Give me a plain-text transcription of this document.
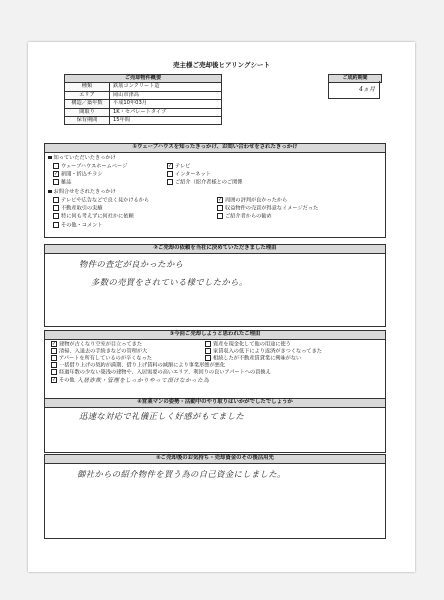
売主様ご売却後ヒアリングシート
ご売却物件概要	
種類	鉄筋コンクリート造
エリア	岡山市津高
構造／築年数	平成10年03月
間取り	1K・セパレートタイプ
保有期間	15年間
ご成約期間
4ヵ月
①ウェーブハウスを知ったきっかけ、お問い合わせをされたきっかけ
知っていただいたきっかけ
ウェーブハウスホームページ	✓ テレビ
✓ 新聞・折込チラシ	インターネット
雑誌	ご紹介（紹介者様とのご関係
お問合せをされたきっかけ
テレビや広告などで良く見かけるから	✓ 周囲の評判が良かったから
不動産取引の実績	収益物件の売買が得意なイメージだった
特に何も考えずに何社かに依頼	ご紹介者からの勧め
その他・コメント
②ご売却の依頼を当社に決めていただきました理由
物件の査定が良かったから
多数の売買をされている様でしたから。
③今回ご売却しようと思われたご理由
✓ 建物が古くなり空室が目立ってきた	資産を現金化して他の用途に使う
清掃、入退去の手続きなどの管理が大	家賃収入の低下により返済がきつくなってきた
アパートを所有しているのが辛くなった	相続したが不動産賃貸業に興味がない
一括借り上げの契約が満期、借り上げ賃料の減額により事業形態が悪化
経過年数の少ない築浅の建物や、入居需要の高いエリア、利回りの良いアパートへの買換え
✓ その他 入居詐欺・管理をしっかりやって頂けなかった為
④営業マンの姿勢・活動中のやり取りはいかがでしたでしょうか
迅速な対応で礼儀正しく好感がもてました
⑤ご売却後のお気持ち・売却資金のその後活用先
御社からの紹介物件を買う為の自己資金にしました。
